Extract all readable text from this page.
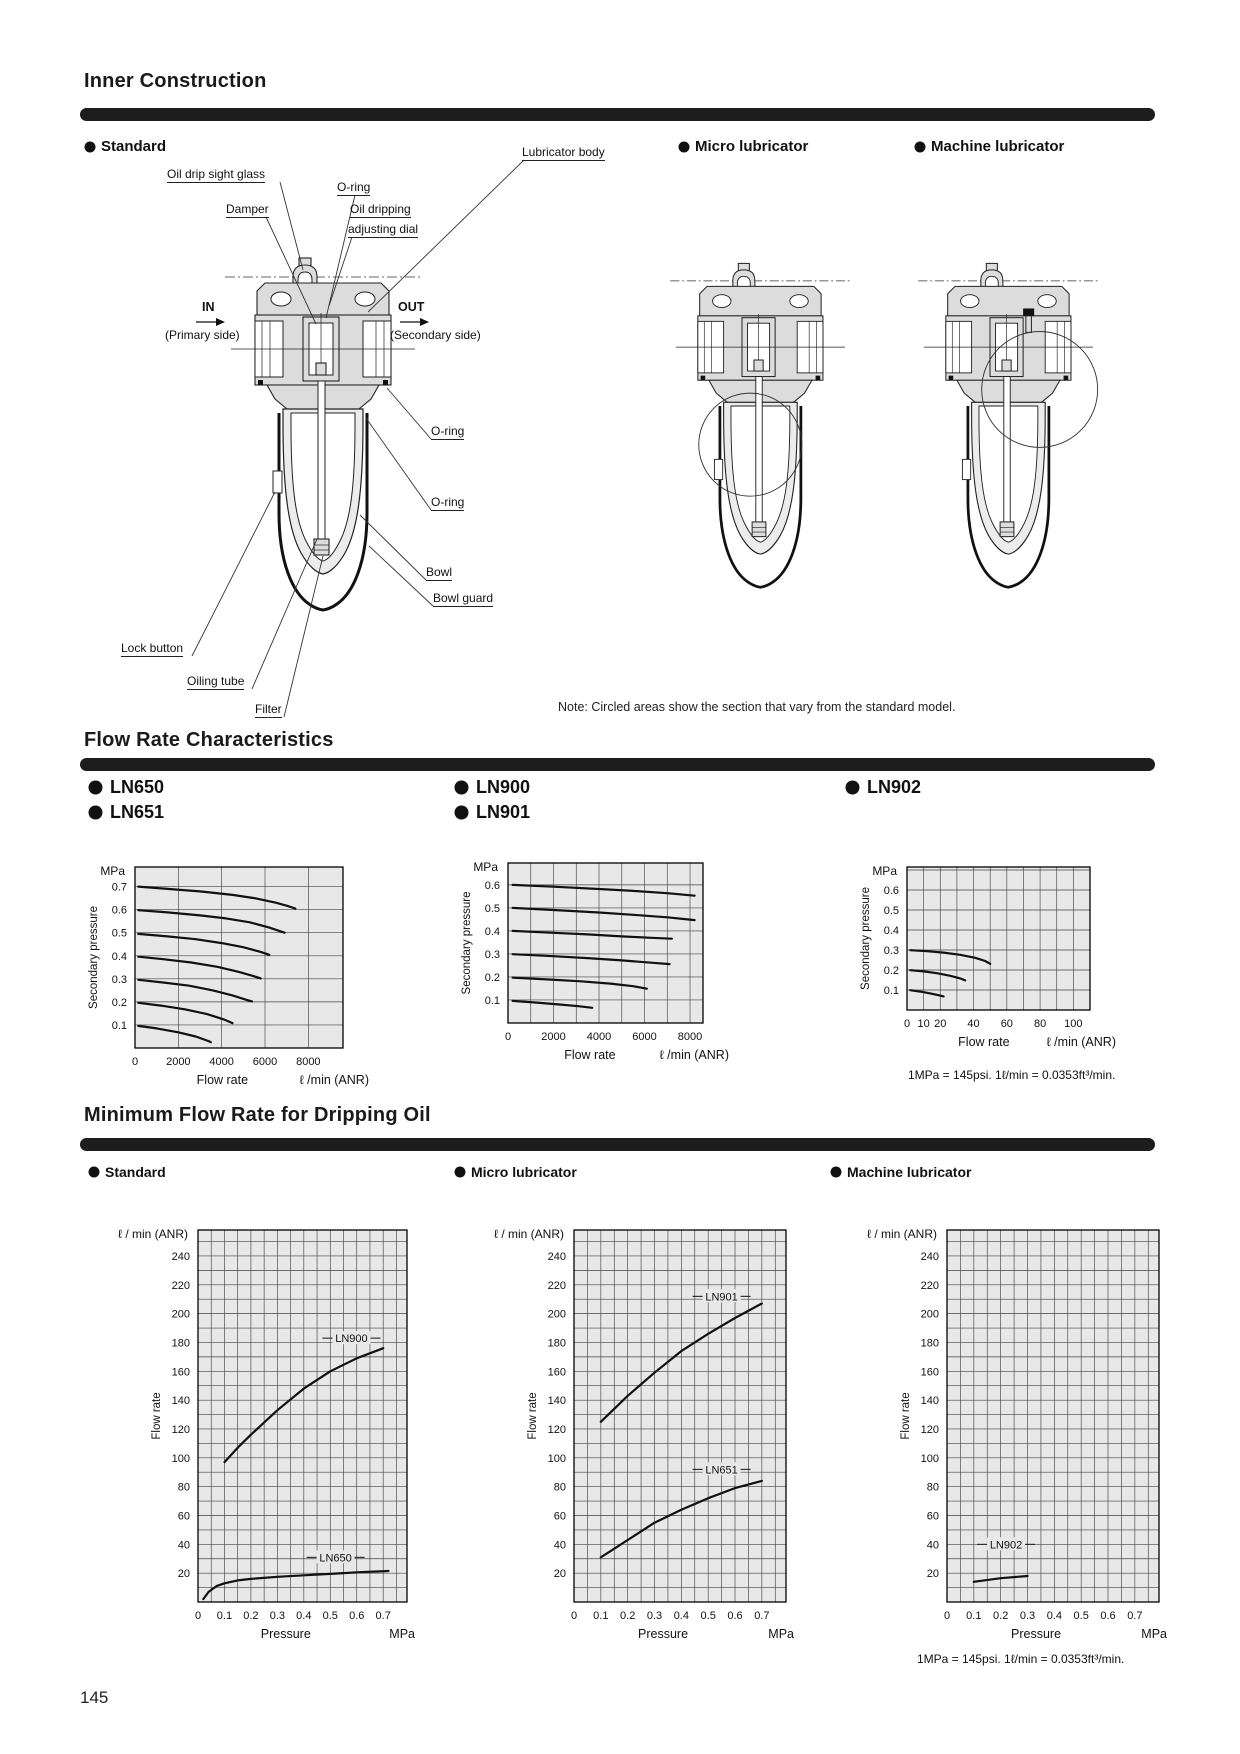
Inner Construction
Standard	Micro lubricator	Machine lubricator
Oil drip sight glass
O-ring
Damper	Oil dripping
adjusting dial
Lubricator body
IN
(Primary side)
OUT
(Secondary side)
O-ring
O-ring
Bowl
Bowl guard
Lock button
Oiling tube
Filter	Note: Circled areas show the section that vary from the standard model.
Flow Rate Characteristics
LN650
LN651
LN900
LN901
LN902
0.1
0.2
0.3
0.4
0.5
0.6
0.7
MPa
Secondary pressure
0	2000 4000 6000 8000
Flow rate	ℓ /min (ANR)
0.1
0.2
0.3
0.4
0.5
0.6
MPa
Secondary pressure
0	2000 4000 6000 8000
Flow rate	ℓ /min (ANR)
0.1
0.2
0.3
0.4
0.5
0.6
MPa
Secondary pressure
0 10 20 40 60 80 100
Flow rate	ℓ /min (ANR)
1MPa = 145psi. 1ℓ/min = 0.0353ft³/min.
Minimum Flow Rate for Dripping Oil
Standard	Micro lubricator	Machine lubricator
20
40
60
80
100
120
140
160
180
200
220
240
ℓ / min (ANR)
Flow rate
0 0.1 0.2 0.3 0.4 0.5 0.6 0.7
Pressure	MPa
LN900
LN650
20
40
60
80
100
120
140
160
180
200
220
240
ℓ / min (ANR)
Flow rate
0 0.1 0.2 0.3 0.4 0.5 0.6 0.7
Pressure	MPa
LN901
LN651
20
40
60
80
100
120
140
160
180
200
220
240
ℓ / min (ANR)
Flow rate
0 0.1 0.2 0.3 0.4 0.5 0.6 0.7
Pressure	MPa
LN902
1MPa = 145psi. 1ℓ/min = 0.0353ft³/min.
145
